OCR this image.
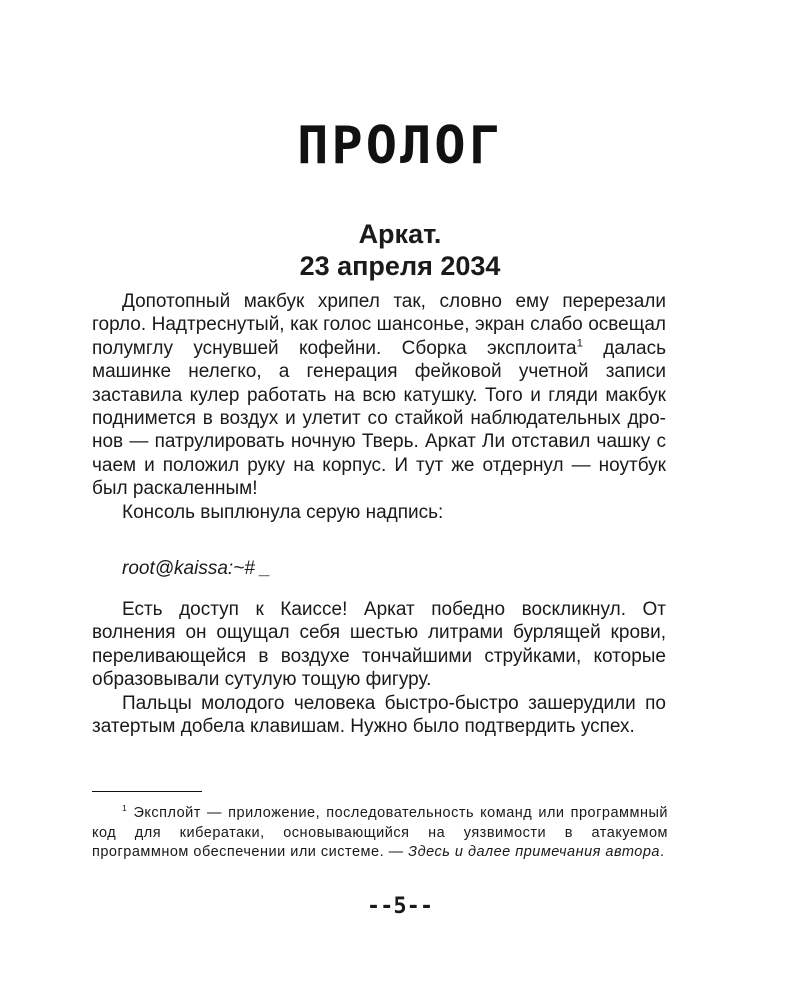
ПРОЛОГ
Аркат.
23 апреля 2034

Допотопный макбук хрипел так, словно ему перерезали горло. Надтреснутый, как голос шансонье, экран слабо освещал полумглу уснувшей кофейни. Сборка эксплоита$^1$ далась машинке нелегко, а генерация фейковой учетной записи заставила кулер работать на всю катушку. Того и гляди макбук поднимется в воздух и улетит со стайкой наблюдательных дронов — патрулировать ночную Тверь. Аркат Ли отставил чашку с чаем и положил руку на корпус. И тут же отдернул — ноутбук был раскаленным!

Консоль выплюнула серую надпись:

root@kaissa:~# _

Есть доступ к Каиссе! Аркат победно воскликнул. От волнения он ощущал себя шестью литрами бурлящей крови, переливающейся в воздухе тончайшими струйками, которые образовывали сутулую тощую фигуру.

Пальцы молодого человека быстро-быстро зашерудили по затертым добела клавишам. Нужно было подтвердить успех.

$^1$ Эксплойт — приложение, последовательность команд или программный код для кибератаки, основывающийся на уязвимости в атакуемом программном обеспечении или системе. — Здесь и далее примечания автора.

--5--
